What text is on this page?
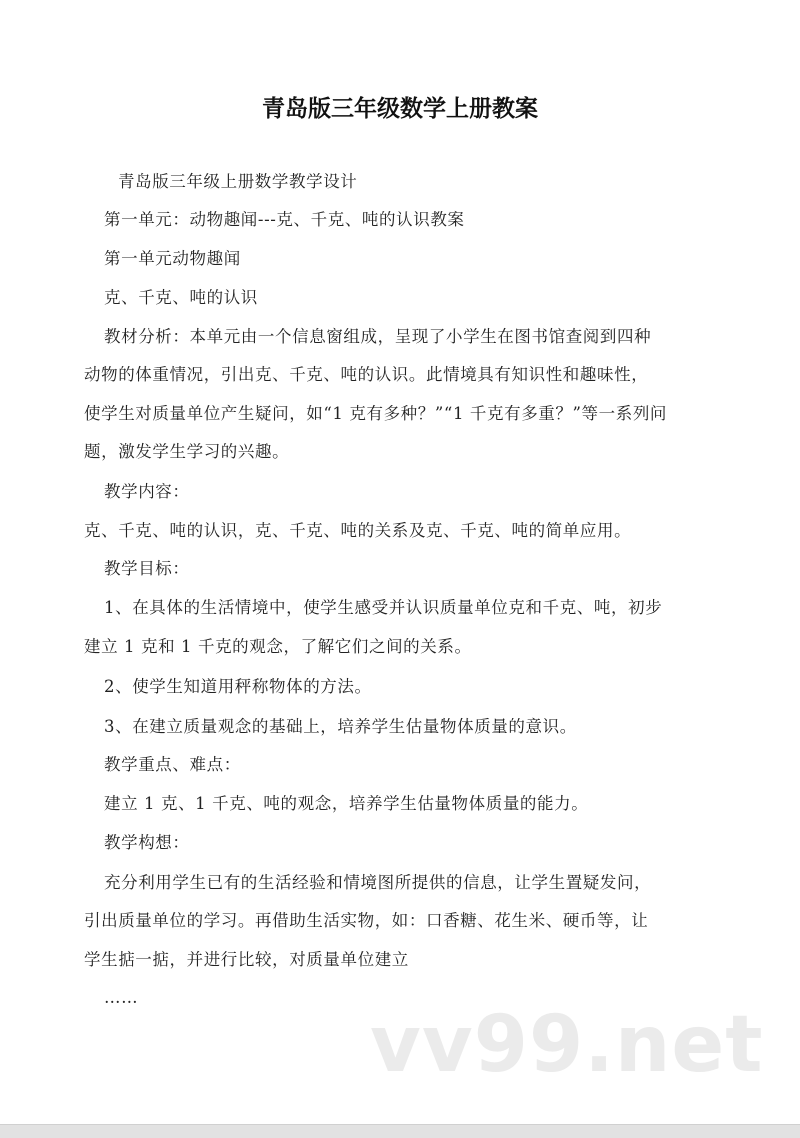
青岛版三年级数学上册教案
青岛版三年级上册数学教学设计
第一单元：动物趣闻---克、千克、吨的认识教案
第一单元动物趣闻
克、千克、吨的认识
教材分析：本单元由一个信息窗组成，呈现了小学生在图书馆查阅到四种
动物的体重情况，引出克、千克、吨的认识。此情境具有知识性和趣味性，
使学生对质量单位产生疑问，如“1 克有多种？”“1 千克有多重？”等一系列问
题，激发学生学习的兴趣。
教学内容：
克、千克、吨的认识，克、千克、吨的关系及克、千克、吨的简单应用。
教学目标：
1、在具体的生活情境中，使学生感受并认识质量单位克和千克、吨，初步
建立 1 克和 1 千克的观念，了解它们之间的关系。
2、使学生知道用秤称物体的方法。
3、在建立质量观念的基础上，培养学生估量物体质量的意识。
教学重点、难点：
建立 1 克、1 千克、吨的观念，培养学生估量物体质量的能力。
教学构想：
充分利用学生已有的生活经验和情境图所提供的信息，让学生置疑发问，
引出质量单位的学习。再借助生活实物，如：口香糖、花生米、硬币等，让
学生掂一掂，并进行比较，对质量单位建立
……
vv99.net
